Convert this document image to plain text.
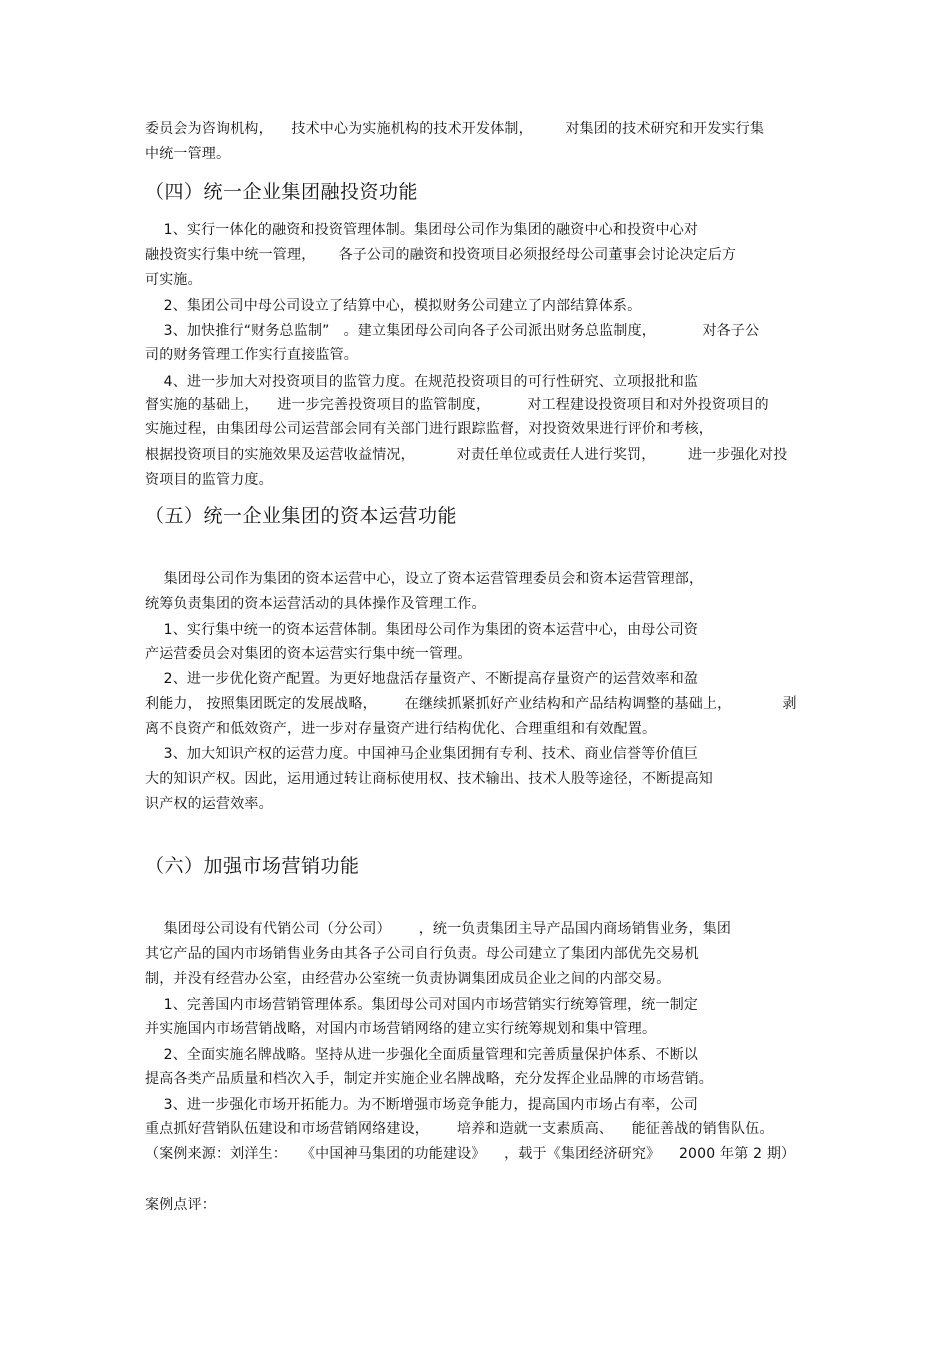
委员会为咨询机构，    技术中心为实施机构的技术开发体制，       对集团的技术研究和开发实行集
中统一管理。
（四）统一企业集团融投资功能
1、实行一体化的融资和投资管理体制。集团母公司作为集团的融资中心和投资中心对
融投资实行集中统一管理，     各子公司的融资和投资项目必须报经母公司董事会讨论决定后方
可实施。
2、集团公司中母公司设立了结算中心，模拟财务公司建立了内部结算体系。
3、加快推行“财务总监制”   。建立集团母公司向各子公司派出财务总监制度，          对各子公
司的财务管理工作实行直接监管。
4、进一步加大对投资项目的监管力度。在规范投资项目的可行性研究、立项报批和监
督实施的基础上，    进一步完善投资项目的监管制度，        对工程建设投资项目和对外投资项目的
实施过程，由集团母公司运营部会同有关部门进行跟踪监督，对投资效果进行评价和考核，
根据投资项目的实施效果及运营收益情况，         对责任单位或责任人进行奖罚，       进一步强化对投
资项目的监管力度。
（五）统一企业集团的资本运营功能
集团母公司作为集团的资本运营中心，设立了资本运营管理委员会和资本运营管理部，
统筹负责集团的资本运营活动的具体操作及管理工作。
1、实行集中统一的资本运营体制。集团母公司作为集团的资本运营中心，由母公司资
产运营委员会对集团的资本运营实行集中统一管理。
2、进一步优化资产配置。为更好地盘活存量资产、不断提高存量资产的运营效率和盈
利能力， 按照集团既定的发展战略，      在继续抓紧抓好产业结构和产品结构调整的基础上，           剥
离不良资产和低效资产，进一步对存量资产进行结构优化、合理重组和有效配置。
3、加大知识产权的运营力度。中国神马企业集团拥有专利、技术、商业信誉等价值巨
大的知识产权。因此，运用通过转让商标使用权、技术输出、技术人股等途径，不断提高知
识产权的运营效率。
（六）加强市场营销功能
集团母公司设有代销公司（分公司）      ，统一负责集团主导产品国内商场销售业务，集团
其它产品的国内市场销售业务由其各子公司自行负责。母公司建立了集团内部优先交易机
制，并没有经营办公室，由经营办公室统一负责协调集团成员企业之间的内部交易。
1、完善国内市场营销管理体系。集团母公司对国内市场营销实行统筹管理，统一制定
并实施国内市场营销战略，对国内市场营销网络的建立实行统筹规划和集中管理。
2、全面实施名牌战略。坚持从进一步强化全面质量管理和完善质量保护体系、不断以
提高各类产品质量和档次入手，制定并实施企业名牌战略，充分发挥企业品牌的市场营销。
3、进一步强化市场开拓能力。为不断增强市场竞争能力，提高国内市场占有率，公司
重点抓好营销队伍建设和市场营销网络建设，      培养和造就一支素质高、    能征善战的销售队伍。
（案例来源：刘洋生：   《中国神马集团的功能建设》    ，载于《集团经济研究》    2000 年第 2 期）
案例点评：
